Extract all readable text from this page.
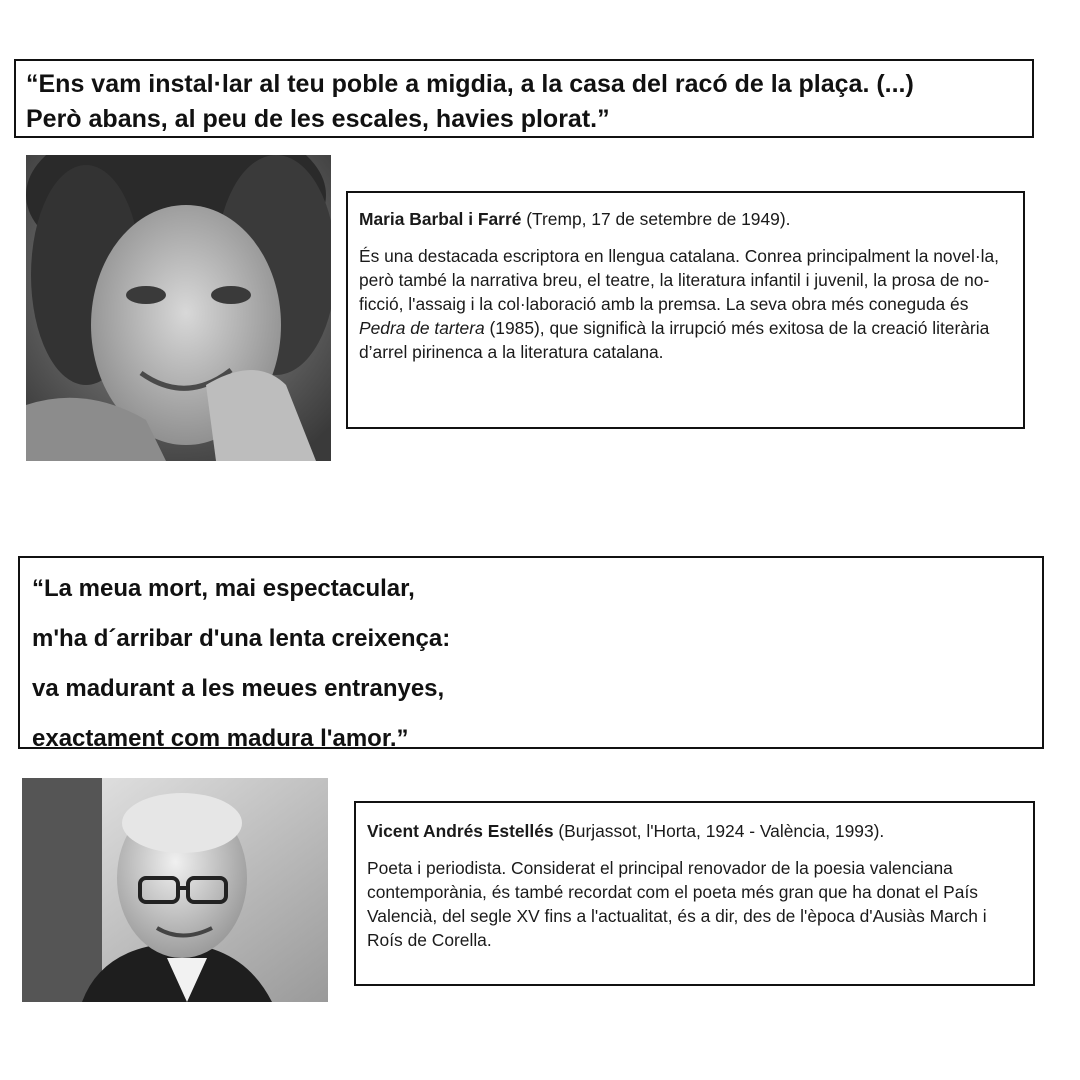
“Ens vam instal·lar al teu poble a migdia, a la casa del racó de la plaça. (...)
Però abans, al peu de les escales, havies plorat.”

Maria Barbal i Farré (Tremp, 17 de setembre de 1949).

És una destacada escriptora en llengua catalana. Conrea principalment la novel·la, però també la narrativa breu, el teatre, la literatura infantil i juvenil, la prosa de no-ficció, l'assaig i la col·laboració amb la premsa. La seva obra més coneguda és Pedra de tartera (1985), que significà la irrupció més exitosa de la creació literària d’arrel pirinenca a la literatura catalana.

“La meua mort, mai espectacular,
m'ha d´arribar d'una lenta creixença:
va madurant a les meues entranyes,
exactament com madura l'amor.”

Vicent Andrés Estellés (Burjassot, l'Horta, 1924 - València, 1993).

Poeta i periodista. Considerat el principal renovador de la poesia valenciana contemporània, és també recordat com el poeta més gran que ha donat el País Valencià, del segle XV fins a l'actualitat, és a dir, des de l'època d'Ausiàs March i Roís de Corella.
